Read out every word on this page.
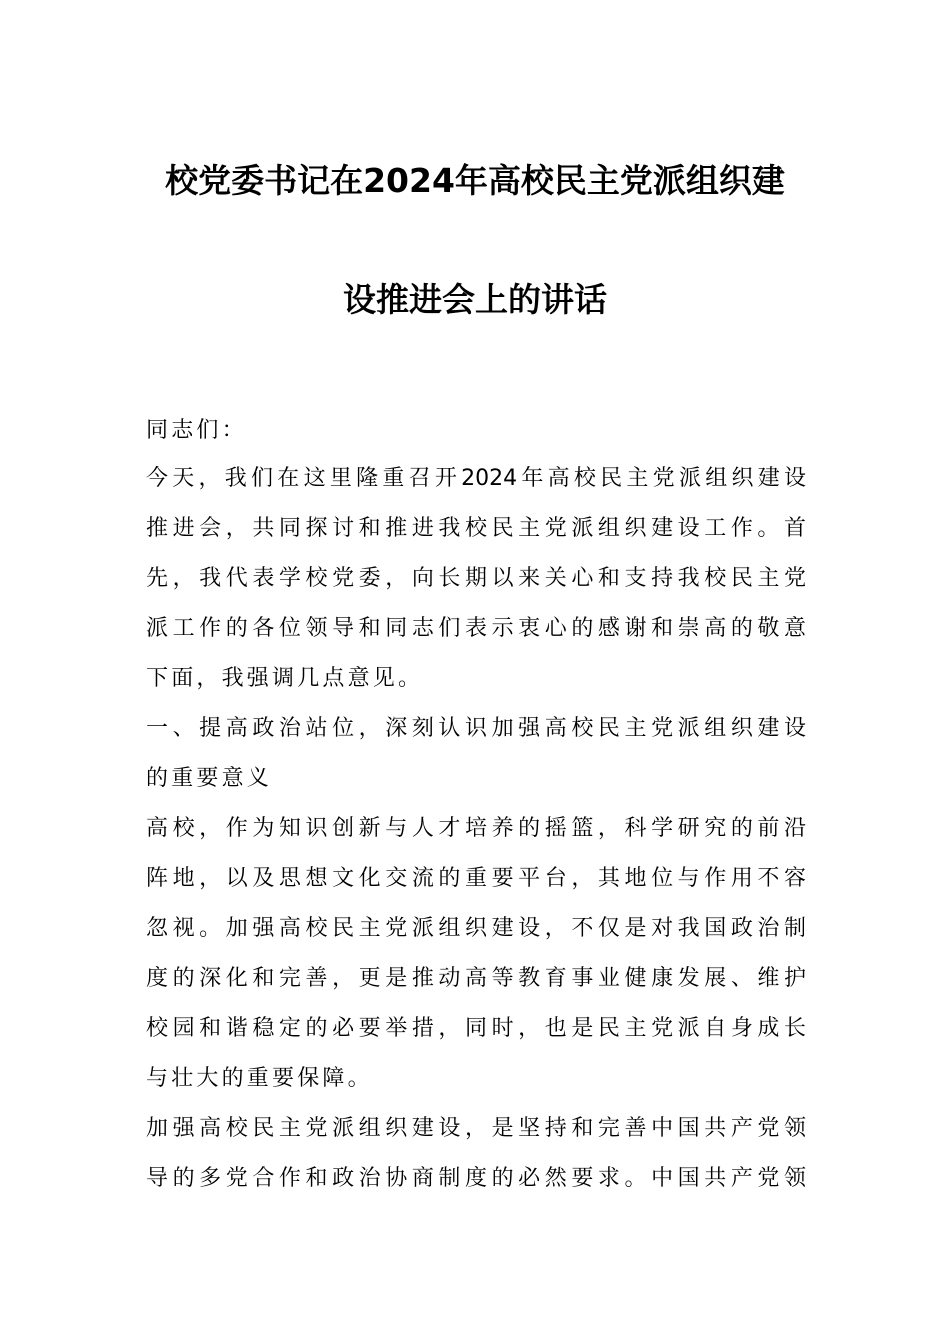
校党委书记在2024年高校民主党派组织建
设推进会上的讲话
同志们：
今天，我们在这里隆重召开2024年高校民主党派组织建设
推进会，共同探讨和推进我校民主党派组织建设工作。首
先，我代表学校党委，向长期以来关心和支持我校民主党
派工作的各位领导和同志们表示衷心的感谢和崇高的敬意
下面，我强调几点意见。
一、提高政治站位，深刻认识加强高校民主党派组织建设
的重要意义
高校，作为知识创新与人才培养的摇篮，科学研究的前沿
阵地，以及思想文化交流的重要平台，其地位与作用不容
忽视。加强高校民主党派组织建设，不仅是对我国政治制
度的深化和完善，更是推动高等教育事业健康发展、维护
校园和谐稳定的必要举措，同时，也是民主党派自身成长
与壮大的重要保障。
加强高校民主党派组织建设，是坚持和完善中国共产党领
导的多党合作和政治协商制度的必然要求。中国共产党领
